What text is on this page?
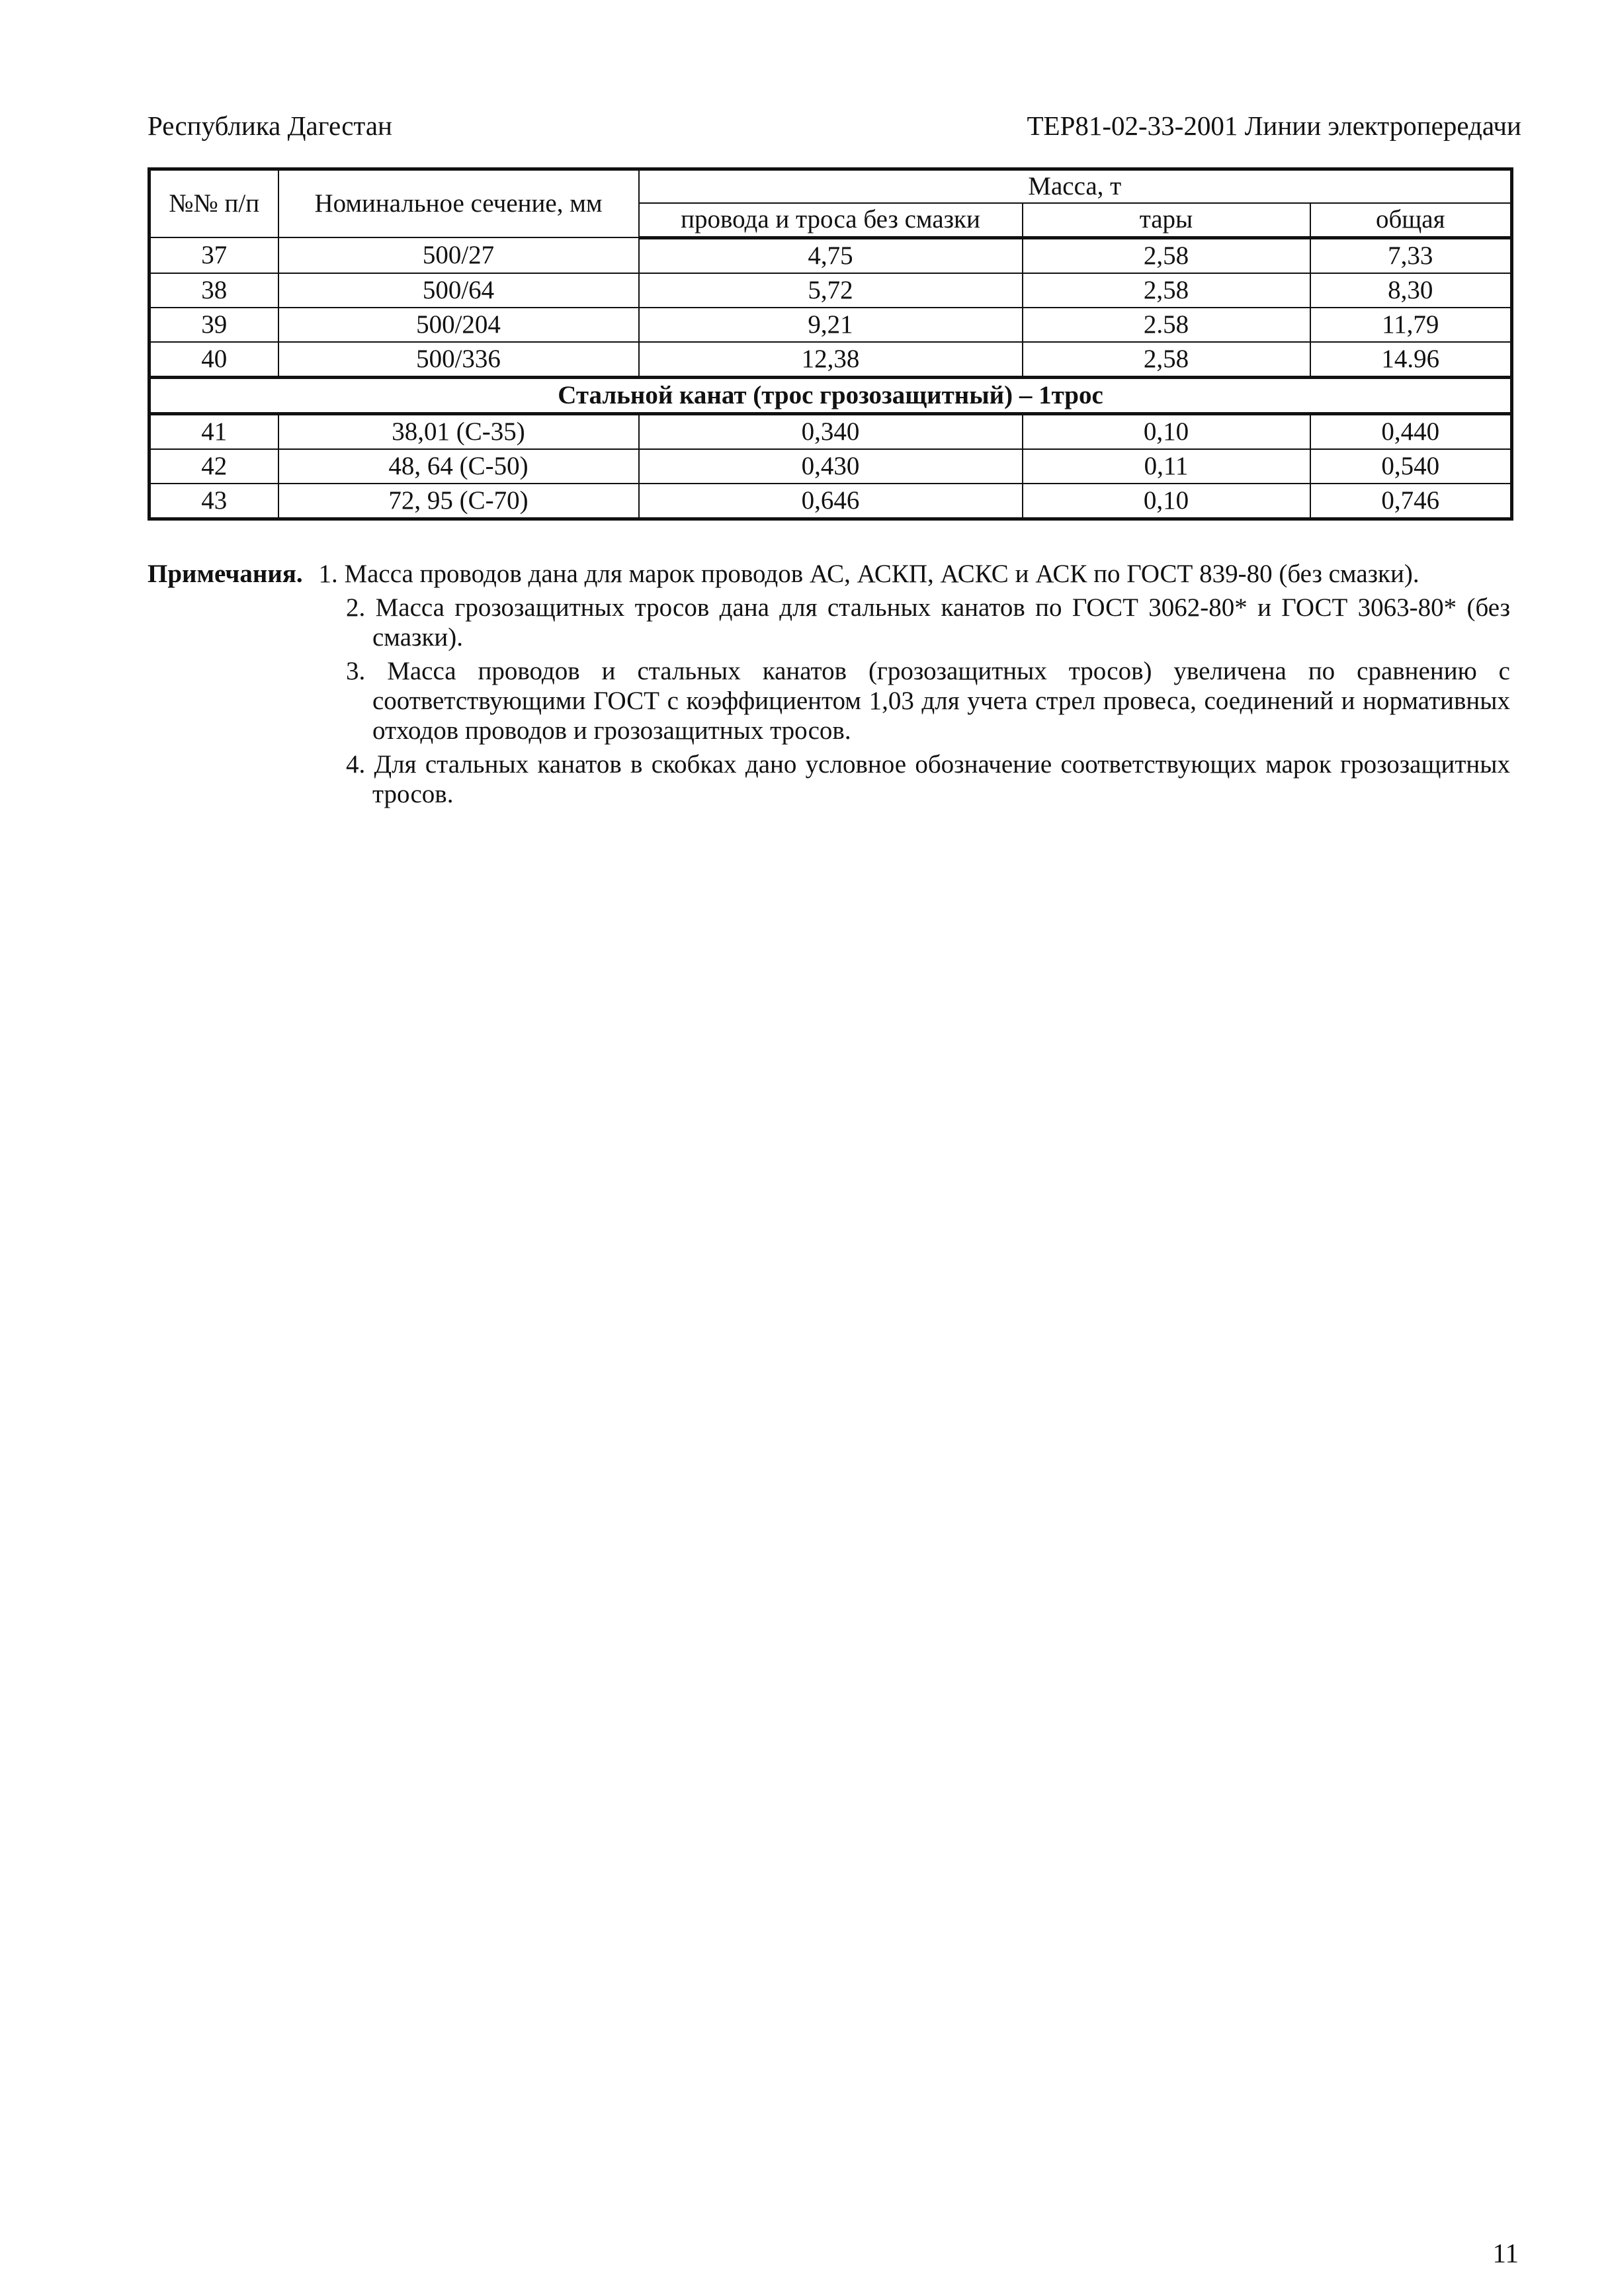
Республика Дагестан	ТЕР81-02-33-2001 Линии электропередачи
№№ п/п	Номинальное сечение, мм	Масса, т		
		провода и троса без смазки	тары	общая
37	500/27	4,75	2,58	7,33
38	500/64	5,72	2,58	8,30
39	500/204	9,21	2.58	11,79
40	500/336	12,38	2,58	14.96
Стальной канат (трос грозозащитный) – 1трос				
41	38,01 (С-35)	0,340	0,10	0,440
42	48, 64 (С-50)	0,430	0,11	0,540
43	72, 95 (С-70)	0,646	0,10	0,746
Примечания. 1. Масса проводов дана для марок проводов АС, АСКП, АСКС и АСК по ГОСТ 839-80 (без смазки).
2. Масса грозозащитных тросов дана для стальных канатов по ГОСТ 3062-80* и ГОСТ 3063-80* (без смазки).
3. Масса проводов и стальных канатов (грозозащитных тросов) увеличена по сравнению с соответствующими ГОСТ с коэффициентом 1,03 для учета стрел провеса, соединений и нормативных отходов проводов и грозозащитных тросов.
4. Для стальных канатов в скобках дано условное обозначение соответствующих марок грозозащитных тросов.
11
